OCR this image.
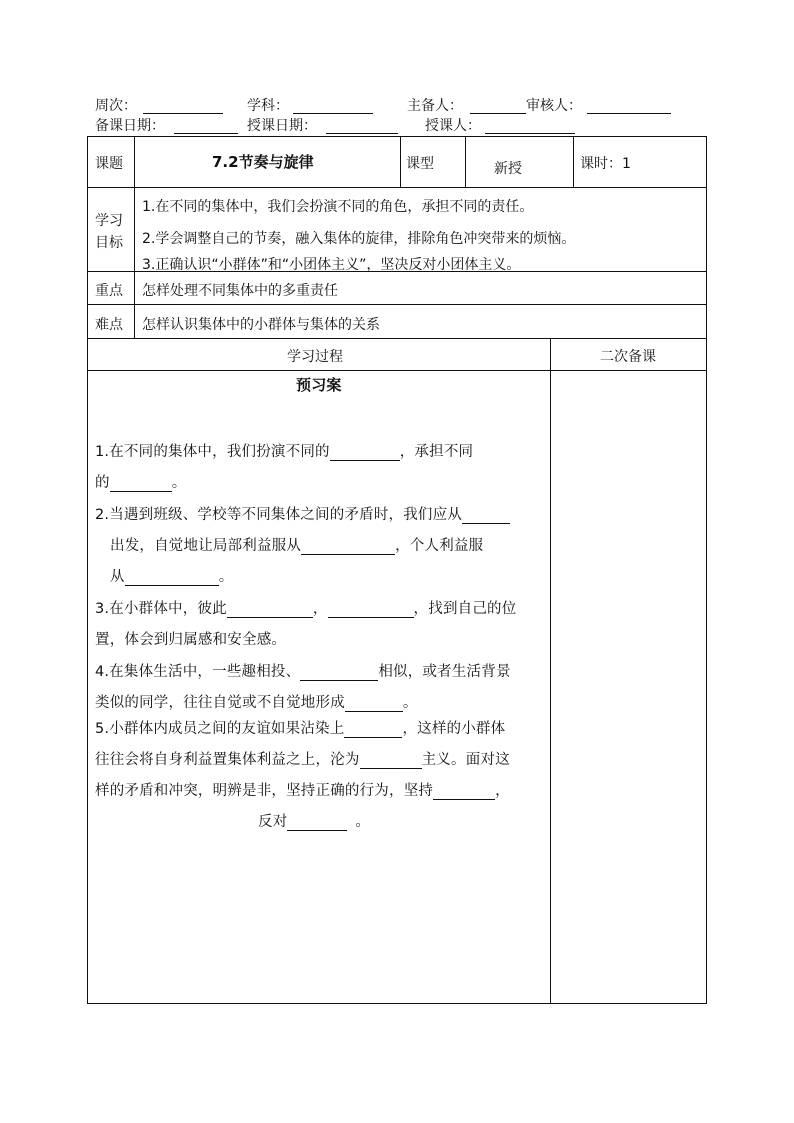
周次：	学科：	主备人：	审核人：
备课日期：	授课日期：	授课人：
课题	7.2节奏与旋律	课型	新授	课时：1
学习
目标
1.在不同的集体中，我们会扮演不同的角色，承担不同的责任。
2.学会调整自己的节奏，融入集体的旋律，排除角色冲突带来的烦恼。
3.正确认识“小群体”和“小团体主义”，坚决反对小团体主义。
重点 怎样处理不同集体中的多重责任
难点 怎样认识集体中的小群体与集体的关系
学习过程	二次备课
预习案
1.在不同的集体中，我们扮演不同的	，承担不同
的	。
2.当遇到班级、学校等不同集体之间的矛盾时，我们应从
出发，自觉地让局部利益服从	，个人利益服
从	。
3.在小群体中，彼此	，	，找到自己的位
置，体会到归属感和安全感。
4.在集体生活中，一些趣相投、	相似，或者生活背景
类似的同学，往往自觉或不自觉地形成	。
5.小群体内成员之间的友谊如果沾染上	，这样的小群体
往往会将自身利益置集体利益之上，沦为	主义。面对这
样的矛盾和冲突，明辨是非，坚持正确的行为，坚持	，
反对	。
